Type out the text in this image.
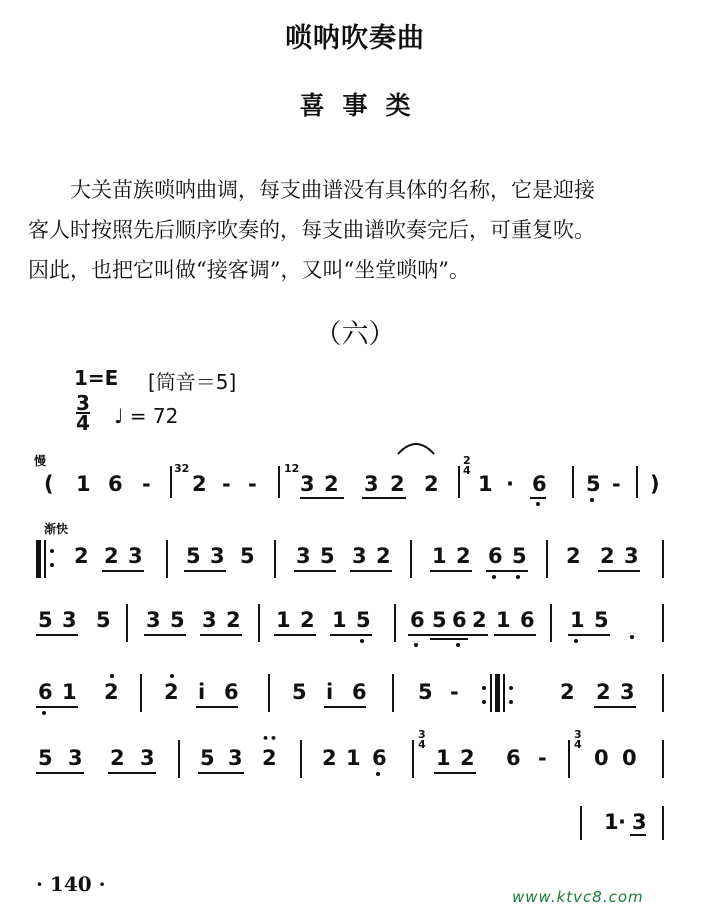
唢呐吹奏曲
喜事类

大关苗族唢呐曲调，每支曲谱没有具体的名称，它是迎接

客人时按照先后顺序吹奏的，每支曲谱吹奏完后，可重复吹。

因此，也把它叫做“接客调”，又叫“坐堂唢呐”。

（六）
1=E [筒音＝5]
3
4 ♩ = 72
慢
( 1 6 -
32
2 - -
12
3 2 3 2 2
2
4
1 · 6 5 - )
渐快
2 2 3 5 3 5 3 5 3 2 1 2 6 5 2 2 3
5 3 5 3 5 3 2 1 2 1 5 6 5 6 2 1 6 1 5
6 1 2 2 i 6	5 i 6 5 -	2 2 3
5 3 2 3 5 3 2
••
2 1 6
3
4
1 2 6 -
3
4
0 0
1 · 3
· 140 ·
www.ktvc8.com
